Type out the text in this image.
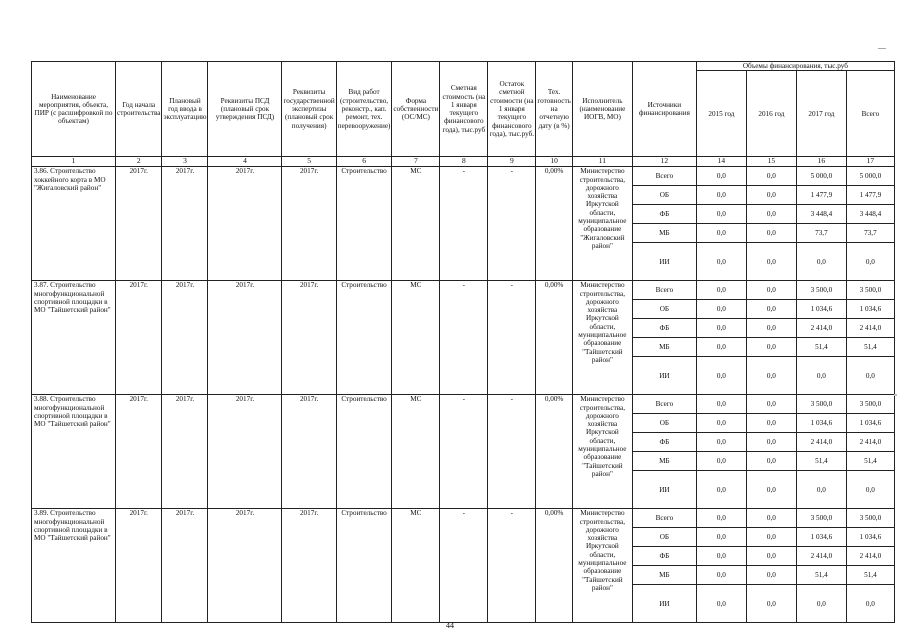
Наименование мероприятия, объекта, ПИР (с расшифровкой по объектам)	Год начала строительства	Плановый год ввода в эксплуатацию	Реквизиты ПСД (плановый срок утверждения ПСД)	Реквизиты государственной экспертизы (плановый срок получения)	Вид работ (строительство, реконстр., кап. ремонт, тех. перевооружение)	Форма собственности (ОС/МС)	Сметная стоимость (на 1 января текущего финансового года), тыс.руб	Остаток сметной стоимости (на 1 января текущего финансового года), тыс.руб.	Тех. готовность на отчетную дату (в %)	Исполнитель (наименование ИОГВ, МО)	Источники финансирования	Объемы финансирования, тыс.руб			
												2015 год	2016 год	2017 год	Всего
1	2	3	4	5	6	7	8	9	10	11	12	14	15	16	17
3.86. Строительство хоккейного корта в МО "Жигаловский район"	2017г.	2017г.	2017г.	2017г.	Строительство	МС	-	-	0,00%	Министерство строительства, дорожного хозяйства Иркутской области, муниципальное образование "Жигаловский район"	Всего	0,0	0,0	5 000,0	5 000,0
											ОБ	0,0	0,0	1 477,9	1 477,9
											ФБ	0,0	0,0	3 448,4	3 448,4
											МБ	0,0	0,0	73,7	73,7
											ИИ	0,0	0,0	0,0	0,0
3.87. Строительство многофункциональной спортивной площадки в МО "Тайшетский район"	2017г.	2017г.	2017г.	2017г.	Строительство	МС	-	-	0,00%	Министерство строительства, дорожного хозяйства Иркутской области, муниципальное образование "Тайшетский район"	Всего	0,0	0,0	3 500,0	3 500,0
											ОБ	0,0	0,0	1 034,6	1 034,6
											ФБ	0,0	0,0	2 414,0	2 414,0
											МБ	0,0	0,0	51,4	51,4
											ИИ	0,0	0,0	0,0	0,0
3.88. Строительство многофункциональной спортивной площадки в МО "Тайшетский район"	2017г.	2017г.	2017г.	2017г.	Строительство	МС	-	-	0,00%	Министерство строительства, дорожного хозяйства Иркутской области, муниципальное образование "Тайшетский район"	Всего	0,0	0,0	3 500,0	3 500,0
											ОБ	0,0	0,0	1 034,6	1 034,6
											ФБ	0,0	0,0	2 414,0	2 414,0
											МБ	0,0	0,0	51,4	51,4
											ИИ	0,0	0,0	0,0	0,0
3.89. Строительство многофункциональной спортивной площадки в МО "Тайшетский район"	2017г.	2017г.	2017г.	2017г.	Строительство	МС	-	-	0,00%	Министерство строительства, дорожного хозяйства Иркутской области, муниципальное образование "Тайшетский район"	Всего	0,0	0,0	3 500,0	3 500,0
											ОБ	0,0	0,0	1 034,6	1 034,6
											ФБ	0,0	0,0	2 414,0	2 414,0
											МБ	0,0	0,0	51,4	51,4
											ИИ	0,0	0,0	0,0	0,0
44
